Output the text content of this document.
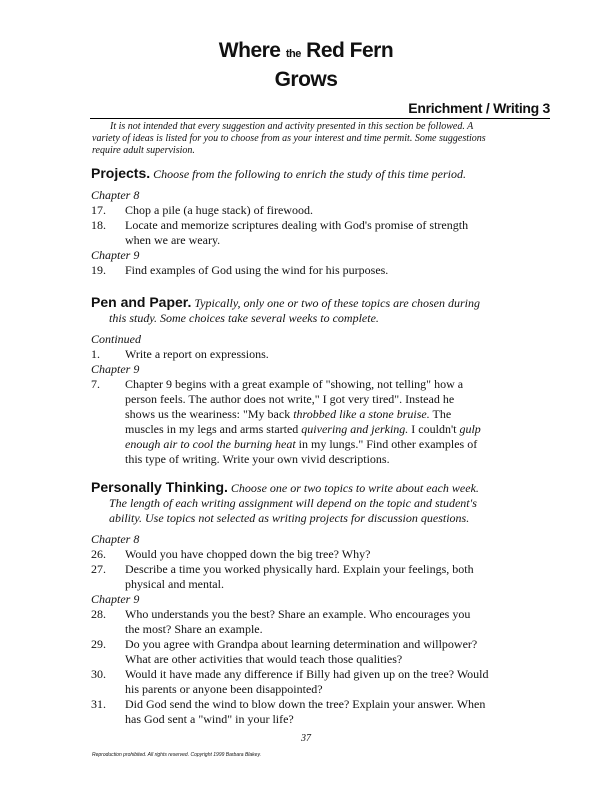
Where the Red Fern
Grows
Enrichment / Writing 3
It is not intended that every suggestion and activity presented in this section be followed. A
variety of ideas is listed for you to choose from as your interest and time permit. Some suggestions
require adult supervision.
Projects. Choose from the following to enrich the study of this time period.
Chapter 8
17.	Chop a pile (a huge stack) of firewood.
18.	Locate and memorize scriptures dealing with God's promise of strength
when we are weary.
Chapter 9
19.	Find examples of God using the wind for his purposes.
Pen and Paper. Typically, only one or two of these topics are chosen during
this study. Some choices take several weeks to complete.
Continued
1.	Write a report on expressions.
Chapter 9
7.	Chapter 9 begins with a great example of "showing, not telling" how a
person feels. The author does not write," I got very tired". Instead he
shows us the weariness: "My back throbbed like a stone bruise. The
muscles in my legs and arms started quivering and jerking. I couldn't gulp
enough air to cool the burning heat in my lungs." Find other examples of
this type of writing. Write your own vivid descriptions.
Personally Thinking. Choose one or two topics to write about each week.
The length of each writing assignment will depend on the topic and student's
ability. Use topics not selected as writing projects for discussion questions.
Chapter 8
26.	Would you have chopped down the big tree? Why?
27.	Describe a time you worked physically hard. Explain your feelings, both
physical and mental.
Chapter 9
28.	Who understands you the best? Share an example. Who encourages you
the most? Share an example.
29.	Do you agree with Grandpa about learning determination and willpower?
What are other activities that would teach those qualities?
30.	Would it have made any difference if Billy had given up on the tree? Would
his parents or anyone been disappointed?
31.	Did God send the wind to blow down the tree? Explain your answer. When
has God sent a "wind" in your life?
37
Reproduction prohibited. All rights reserved. Copyright 1999 Barbara Blakey.
